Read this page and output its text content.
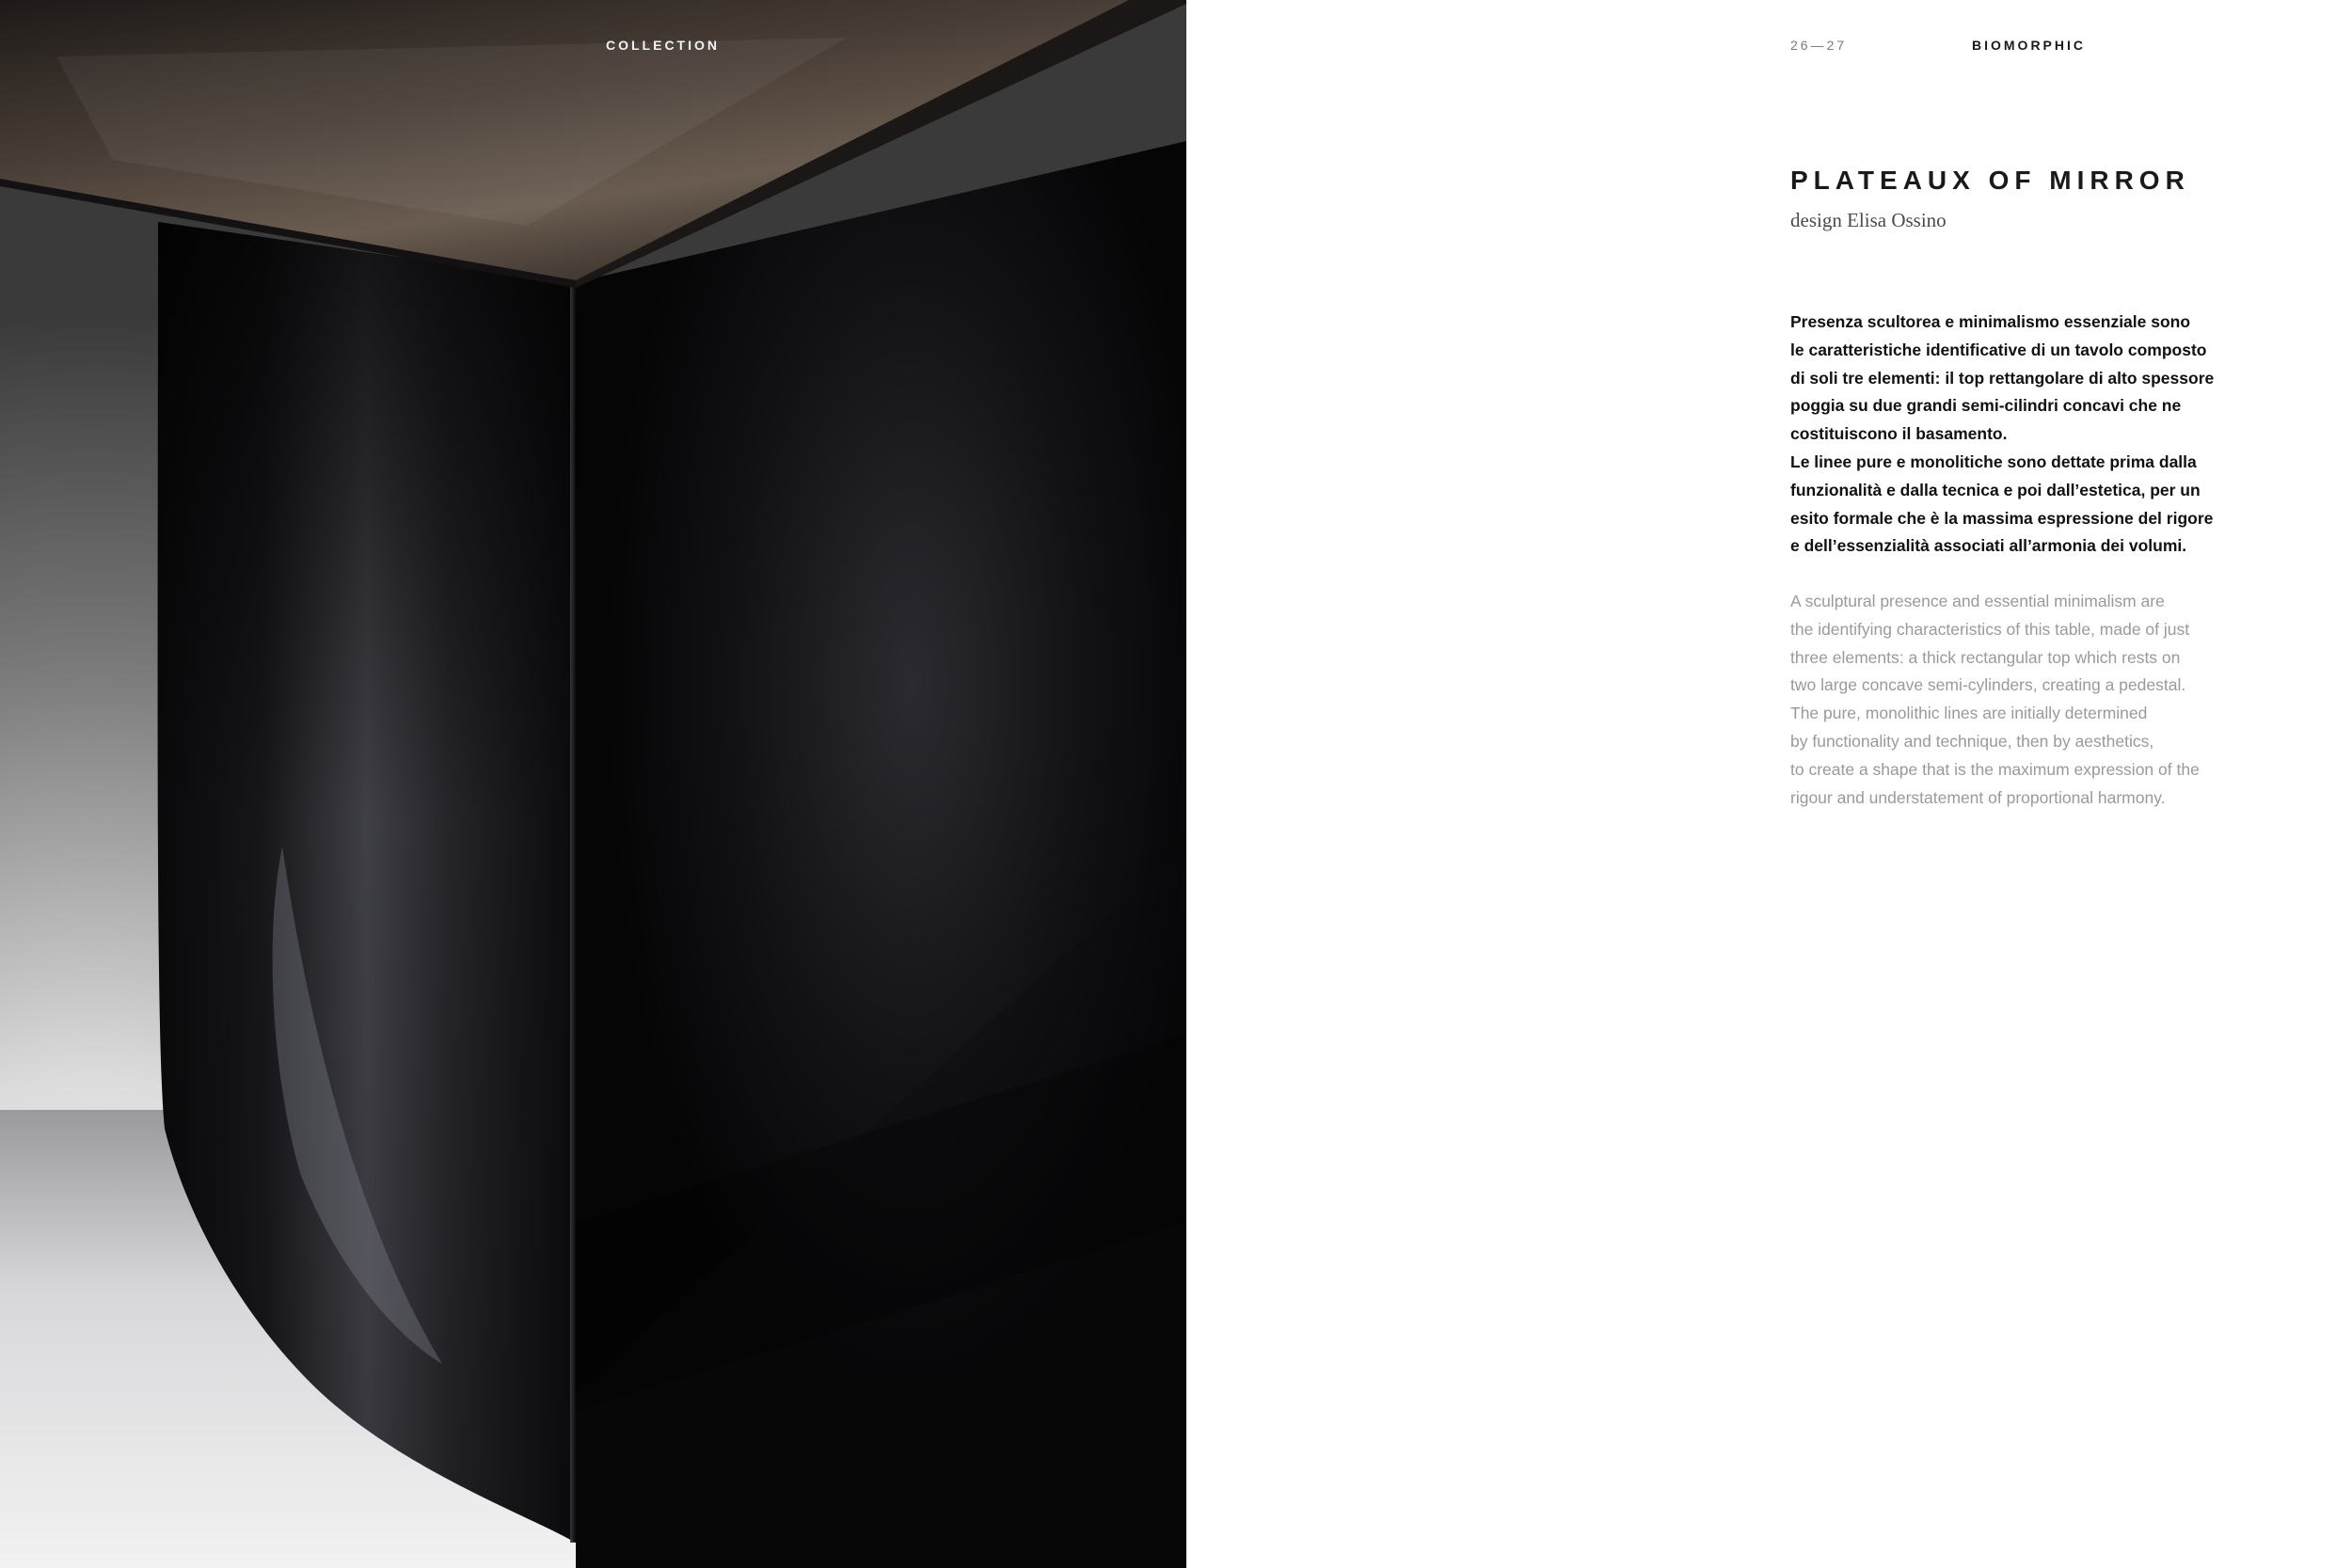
COLLECTION	26—27	BIOMORPHIC
PLATEAUX OF MIRROR
design Elisa Ossino

Presenza scultorea e minimalismo essenziale sono
le caratteristiche identificative di un tavolo composto
di soli tre elementi: il top rettangolare di alto spessore
poggia su due grandi semi-cilindri concavi che ne
costituiscono il basamento.
Le linee pure e monolitiche sono dettate prima dalla
funzionalità e dalla tecnica e poi dall’estetica, per un
esito formale che è la massima espressione del rigore
e dell’essenzialità associati all’armonia dei volumi.

A sculptural presence and essential minimalism are
the identifying characteristics of this table, made of just
three elements: a thick rectangular top which rests on
two large concave semi-cylinders, creating a pedestal.
The pure, monolithic lines are initially determined
by functionality and technique, then by aesthetics,
to create a shape that is the maximum expression of the
rigour and understatement of proportional harmony.
